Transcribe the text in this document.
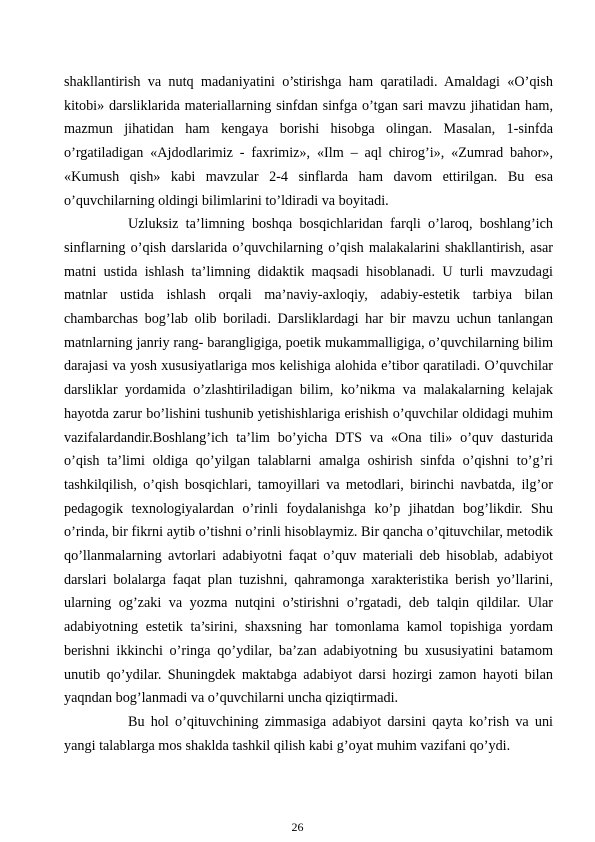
shakllantirish va nutq madaniyatini o’stirishga ham qaratiladi. Amaldagi «O’qish kitobi» darsliklarida materiallarning sinfdan sinfga o’tgan sari mavzu jihatidan ham, mazmun jihatidan ham kengaya borishi hisobga olingan. Masalan, 1-sinfda o’rgatiladigan «Ajdodlarimiz - faxrimiz», «Ilm – aql chirog’i», «Zumrad bahor», «Kumush qish» kabi mavzular 2-4 sinflarda ham davom ettirilgan. Bu esa o’quvchilarning oldingi bilimlarini to’ldiradi va boyitadi.

Uzluksiz ta’limning boshqa bosqichlaridan farqli o’laroq, boshlang’ich sinflarning o’qish darslarida o’quvchilarning o’qish malakalarini shakllantirish, asar matni ustida ishlash ta’limning didaktik maqsadi hisoblanadi. U turli mavzudagi matnlar ustida ishlash orqali ma’naviy-axloqiy, adabiy-estetik tarbiya bilan chambarchas bog’lab olib boriladi. Darsliklardagi har bir mavzu uchun tanlangan matnlarning janriy rang- barangligiga, poetik mukammalligiga, o’quvchilarning bilim darajasi va yosh xususiyatlariga mos kelishiga alohida e’tibor qaratiladi. O’quvchilar darsliklar yordamida o’zlashtiriladigan bilim, ko’nikma va malakalarning kelajak hayotda zarur bo’lishini tushunib yetishishlariga erishish o’quvchilar oldidagi muhim vazifalardandir.Boshlang’ich ta’lim bo’yicha DTS va «Ona tili» o’quv dasturida o’qish ta’limi oldiga qo’yilgan talablarni amalga oshirish sinfda o’qishni to’g’ri tashkilqilish, o’qish bosqichlari, tamoyillari va metodlari, birinchi navbatda, ilg’or pedagogik texnologiyalardan o’rinli foydalanishga ko’p jihatdan bog’likdir. Shu o’rinda, bir fikrni aytib o’tishni o’rinli hisoblaymiz. Bir qancha o’qituvchilar, metodik qo’llanmalarning avtorlari adabiyotni faqat o’quv materiali deb hisoblab, adabiyot darslari bolalarga faqat plan tuzishni, qahramonga xarakteristika berish yo’llarini, ularning og’zaki va yozma nutqini o’stirishni o’rgatadi, deb talqin qildilar. Ular adabiyotning estetik ta’sirini, shaxsning har tomonlama kamol topishiga yordam berishni ikkinchi o’ringa qo’ydilar, ba’zan adabiyotning bu xususiyatini batamom unutib qo’ydilar. Shuningdek maktabga adabiyot darsi hozirgi zamon hayoti bilan yaqndan bog’lanmadi va o’quvchilarni uncha qiziqtirmadi.

Bu hol o’qituvchining zimmasiga adabiyot darsini qayta ko’rish va uni yangi talablarga mos shaklda tashkil qilish kabi g’oyat muhim vazifani qo’ydi.

26
